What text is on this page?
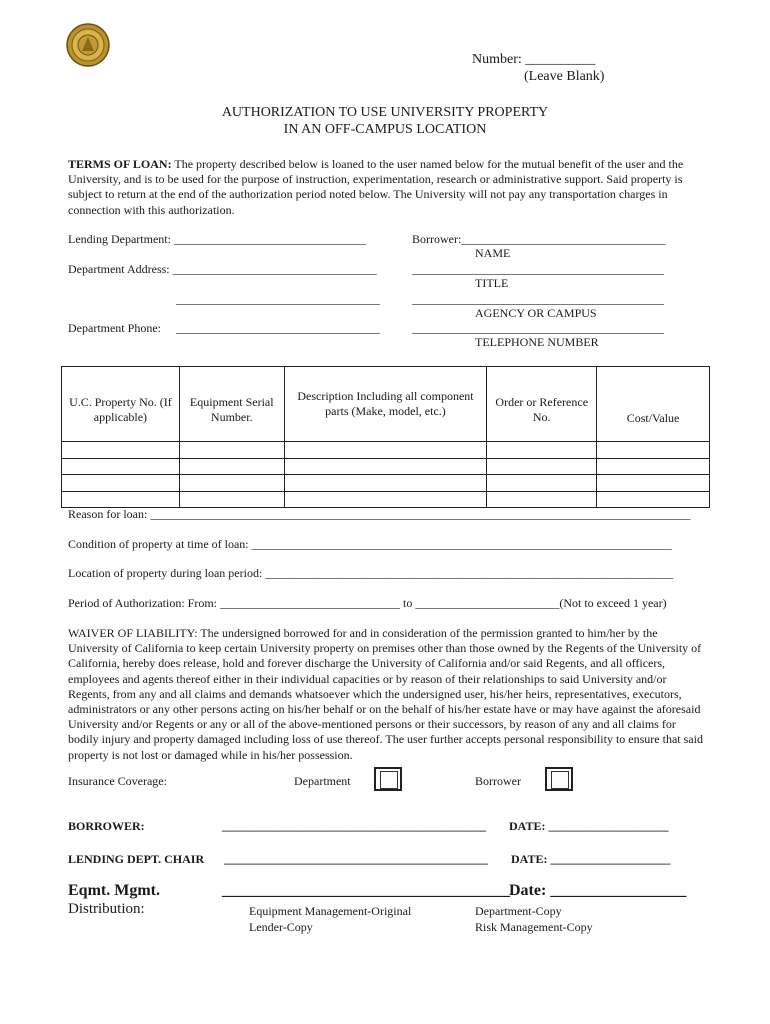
Number: __________
(Leave Blank)
AUTHORIZATION TO USE UNIVERSITY PROPERTY
IN AN OFF-CAMPUS LOCATION
TERMS OF LOAN: The property described below is loaned to the user named below for the mutual benefit of the user and the University, and is to be used for the purpose of instruction, experimentation, research or administrative support. Said property is subject to return at the end of the authorization period noted below. The University will not pay any transportation charges in connection with this authorization.
Lending Department: ________________________________
Department Address: __________________________________
__________________________________
Department Phone: __________________________________
Borrower:__________________________________
NAME
__________________________________________
TITLE
__________________________________________
AGENCY OR CAMPUS
__________________________________________
TELEPHONE NUMBER
U.C. Property No. (If applicable)	Equipment Serial Number.	Description Including all component parts (Make, model, etc.)	Order or Reference No.	Cost/Value

Reason for loan: __________________________________________________________________________________________
Condition of property at time of loan: ______________________________________________________________________
Location of property during loan period: ____________________________________________________________________
Period of Authorization: From: ______________________________ to ________________________(Not to exceed 1 year)
WAIVER OF LIABILITY: The undersigned borrowed for and in consideration of the permission granted to him/her by the University of California to keep certain University property on premises other than those owned by the Regents of the University of California, hereby does release, hold and forever discharge the University of California and/or said Regents, and all officers, employees and agents thereof either in their individual capacities or by reason of their relationships to said University and/or Regents, from any and all claims and demands whatsoever which the undersigned user, his/her heirs, representatives, executors, administrators or any other persons acting on his/her behalf or on the behalf of his/her estate have or may have against the aforesaid University and/or Regents or any or all of the above-mentioned persons or their successors, by reason of any and all claims for bodily injury and property damaged including loss of use thereof. The user further accepts personal responsibility to ensure that said property is not lost or damaged while in his/her possession.
Insurance Coverage:	Department	Borrower
BORROWER:	____________________________________________ DATE: ____________________
LENDING DEPT. CHAIR ____________________________________________ DATE: ____________________
Eqmt. Mgmt.	____________________________________ Date: _________________
Distribution:	Equipment Management-Original
Lender-Copy
Department-Copy
Risk Management-Copy
